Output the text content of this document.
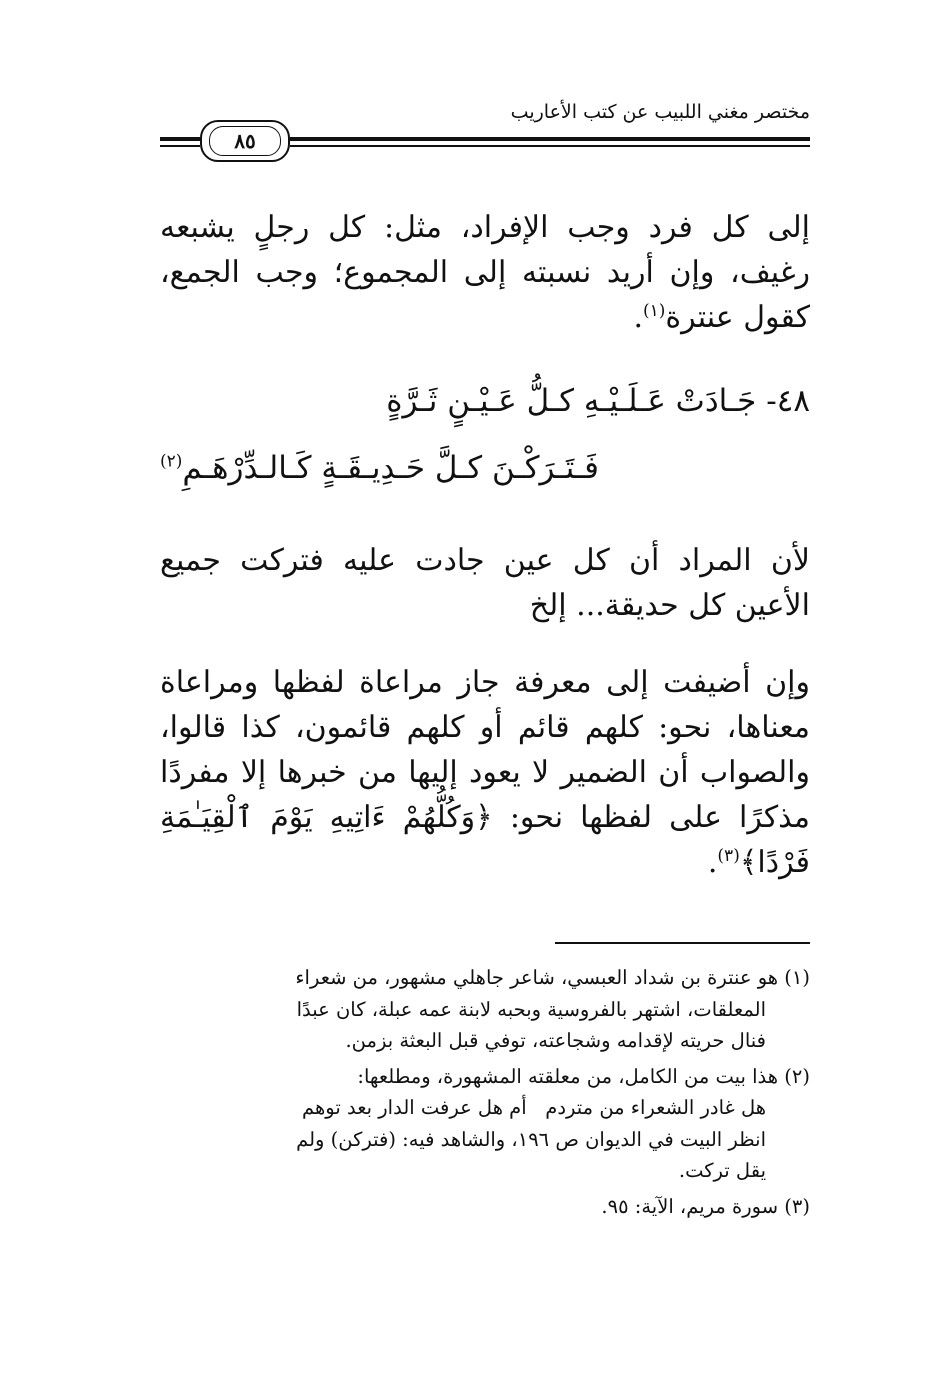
مختصر مغني اللبيب عن كتب الأعاريب
٨٥
إلى كل فرد وجب الإفراد، مثل: كل رجلٍ يشبعه رغيف، وإن أريد نسبته إلى المجموع؛ وجب الجمع، كقول عنترة$^{(١)}$.
٤٨- جَـادَتْ عَـلَـيْـهِ كـلُّ عَـيْـنٍ ثَـرَّةٍ
فَـتَـرَكْـنَ كـلَّ حَـدِيـقَـةٍ كَـالـدِّرْهَـمِ$^{(٢)}$
لأن المراد أن كل عين جادت عليه فتركت جميع الأعين كل حديقة... إلخ
وإن أضيفت إلى معرفة جاز مراعاة لفظها ومراعاة معناها، نحو: كلهم قائم أو كلهم قائمون، كذا قالوا، والصواب أن الضمير لا يعود إليها من خبرها إلا مفردًا مذكرًا على لفظها نحو: ﴿وَكُلُّهُمْ ءَاتِيهِ يَوْمَ ٱلْقِيَـٰمَةِ فَرْدًا﴾$^{(٣)}$.
(١) هو عنترة بن شداد العبسي، شاعر جاهلي مشهور، من شعراء
المعلقات، اشتهر بالفروسية وبحبه لابنة عمه عبلة، كان عبدًا
فنال حريته لإقدامه وشجاعته، توفي قبل البعثة بزمن.
(٢) هذا بيت من الكامل، من معلقته المشهورة، ومطلعها:
هل غادر الشعراء من متردم   أم هل عرفت الدار بعد توهم
انظر البيت في الديوان ص ١٩٦، والشاهد فيه: (فتركن) ولم
يقل تركت.
(٣) سورة مريم، الآية: ٩٥.
